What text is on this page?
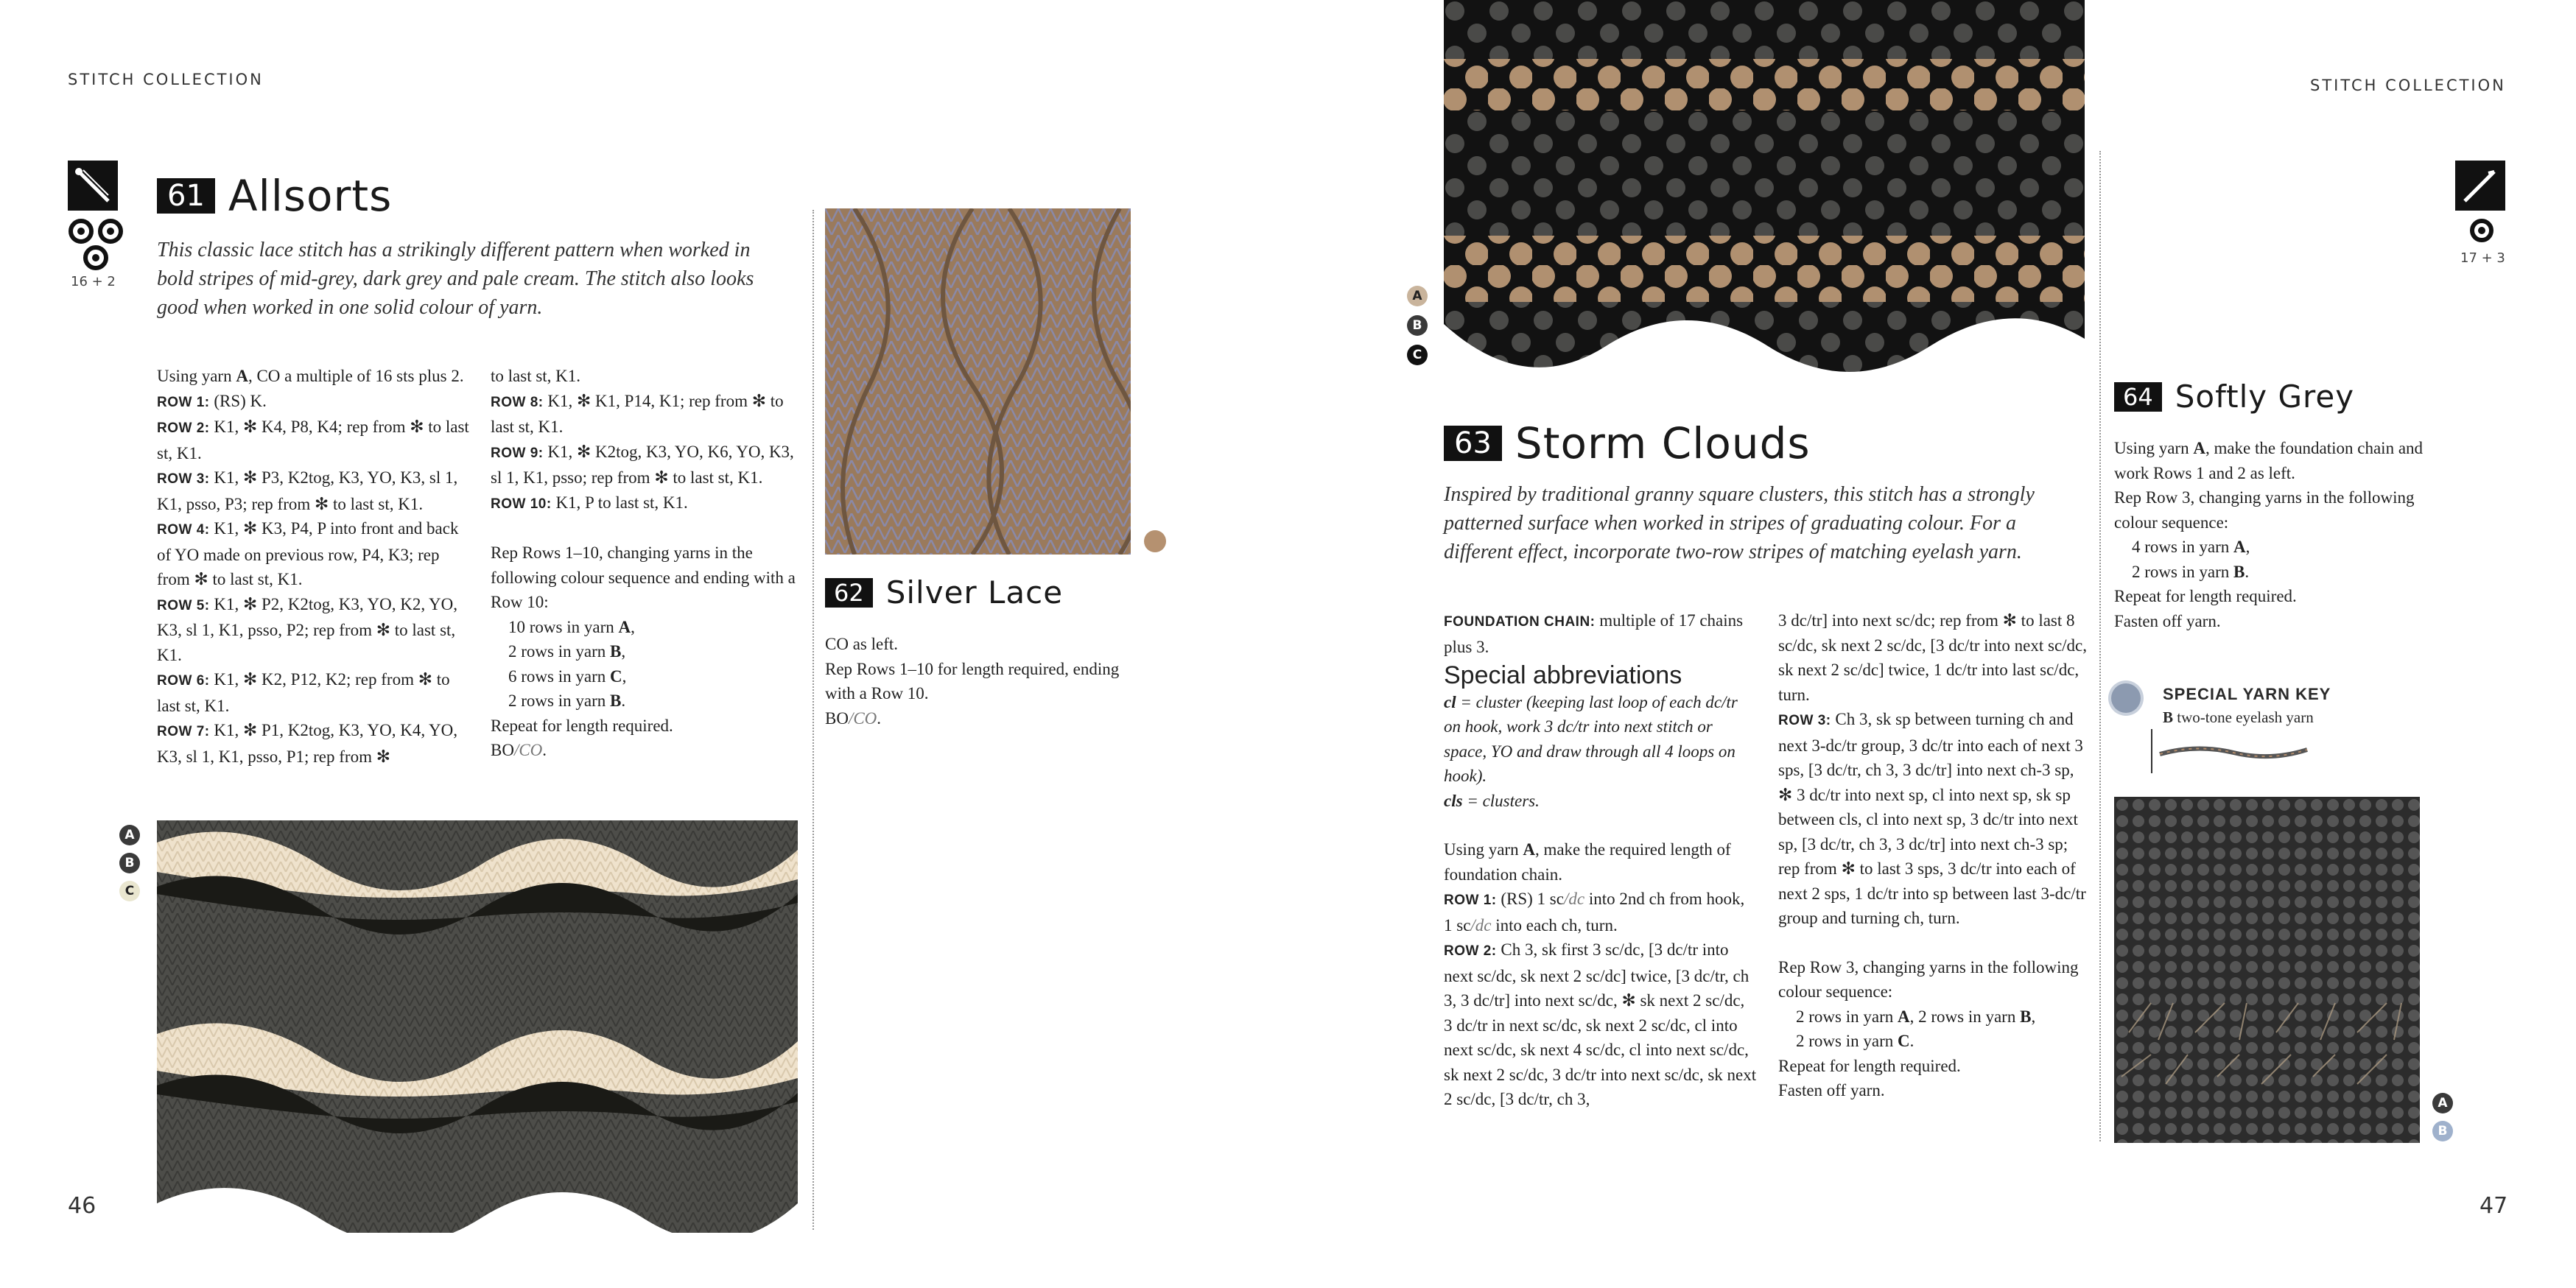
STITCH COLLECTION
46
16 + 2
61 Allsorts
This classic lace stitch has a strikingly different pattern when worked in bold stripes of mid-grey, dark grey and pale cream. The stitch also looks good when worked in one solid colour of yarn.

Using yarn A, CO a multiple of 16 sts plus 2.

ROW 1: (RS) K.

ROW 2: K1, ✻ K4, P8, K4; rep from ✻ to last st, K1.

ROW 3: K1, ✻ P3, K2tog, K3, YO, K3, sl 1, K1, psso, P3; rep from ✻ to last st, K1.

ROW 4: K1, ✻ K3, P4, P into front and back of YO made on previous row, P4, K3; rep from ✻ to last st, K1.

ROW 5: K1, ✻ P2, K2tog, K3, YO, K2, YO, K3, sl 1, K1, psso, P2; rep from ✻ to last st, K1.

ROW 6: K1, ✻ K2, P12, K2; rep from ✻ to last st, K1.

ROW 7: K1, ✻ P1, K2tog, K3, YO, K4, YO, K3, sl 1, K1, psso, P1; rep from ✻

to last st, K1.

ROW 8: K1, ✻ K1, P14, K1; rep from ✻ to last st, K1.

ROW 9: K1, ✻ K2tog, K3, YO, K6, YO, K3, sl 1, K1, psso; rep from ✻ to last st, K1.

ROW 10: K1, P to last st, K1.

Rep Rows 1–10, changing yarns in the following colour sequence and ending with a Row 10:

10 rows in yarn A,

2 rows in yarn B,

6 rows in yarn C,

2 rows in yarn B.

Repeat for length required.

BO/CO.

A
B
C
62 Silver Lace

CO as left.

Rep Rows 1–10 for length required, ending with a Row 10.

BO/CO.

STITCH COLLECTION
47
17 + 3
A
B
C
63 Storm Clouds
Inspired by traditional granny square clusters, this stitch has a strongly patterned surface when worked in stripes of graduating colour. For a different effect, incorporate two-row stripes of matching eyelash yarn.

FOUNDATION CHAIN: multiple of 17 chains plus 3.

Special abbreviations

cl = cluster (keeping last loop of each dc/tr on hook, work 3 dc/tr into next stitch or space, YO and draw through all 4 loops on hook).

cls = clusters.

Using yarn A, make the required length of foundation chain.

ROW 1: (RS) 1 sc/dc into 2nd ch from hook, 1 sc/dc into each ch, turn.

ROW 2: Ch 3, sk first 3 sc/dc, [3 dc/tr into next sc/dc, sk next 2 sc/dc] twice, [3 dc/tr, ch 3, 3 dc/tr] into next sc/dc, ✻ sk next 2 sc/dc, 3 dc/tr in next sc/dc, sk next 2 sc/dc, cl into next sc/dc, sk next 4 sc/dc, cl into next sc/dc, sk next 2 sc/dc, 3 dc/tr into next sc/dc, sk next 2 sc/dc, [3 dc/tr, ch 3,

3 dc/tr] into next sc/dc; rep from ✻ to last 8 sc/dc, sk next 2 sc/dc, [3 dc/tr into next sc/dc, sk next 2 sc/dc] twice, 1 dc/tr into last sc/dc, turn.

ROW 3: Ch 3, sk sp between turning ch and next 3-dc/tr group, 3 dc/tr into each of next 3 sps, [3 dc/tr, ch 3, 3 dc/tr] into next ch-3 sp, ✻ 3 dc/tr into next sp, cl into next sp, sk sp between cls, cl into next sp, 3 dc/tr into next sp, [3 dc/tr, ch 3, 3 dc/tr] into next ch-3 sp; rep from ✻ to last 3 sps, 3 dc/tr into each of next 2 sps, 1 dc/tr into sp between last 3-dc/tr group and turning ch, turn.

Rep Row 3, changing yarns in the following colour sequence:

2 rows in yarn A, 2 rows in yarn B,

2 rows in yarn C.

Repeat for length required.

Fasten off yarn.

64 Softly Grey

Using yarn A, make the foundation chain and work Rows 1 and 2 as left.

Rep Row 3, changing yarns in the following colour sequence:

4 rows in yarn A,

2 rows in yarn B.

Repeat for length required.

Fasten off yarn.

SPECIAL YARN KEY
B two-tone eyelash yarn
A
B
